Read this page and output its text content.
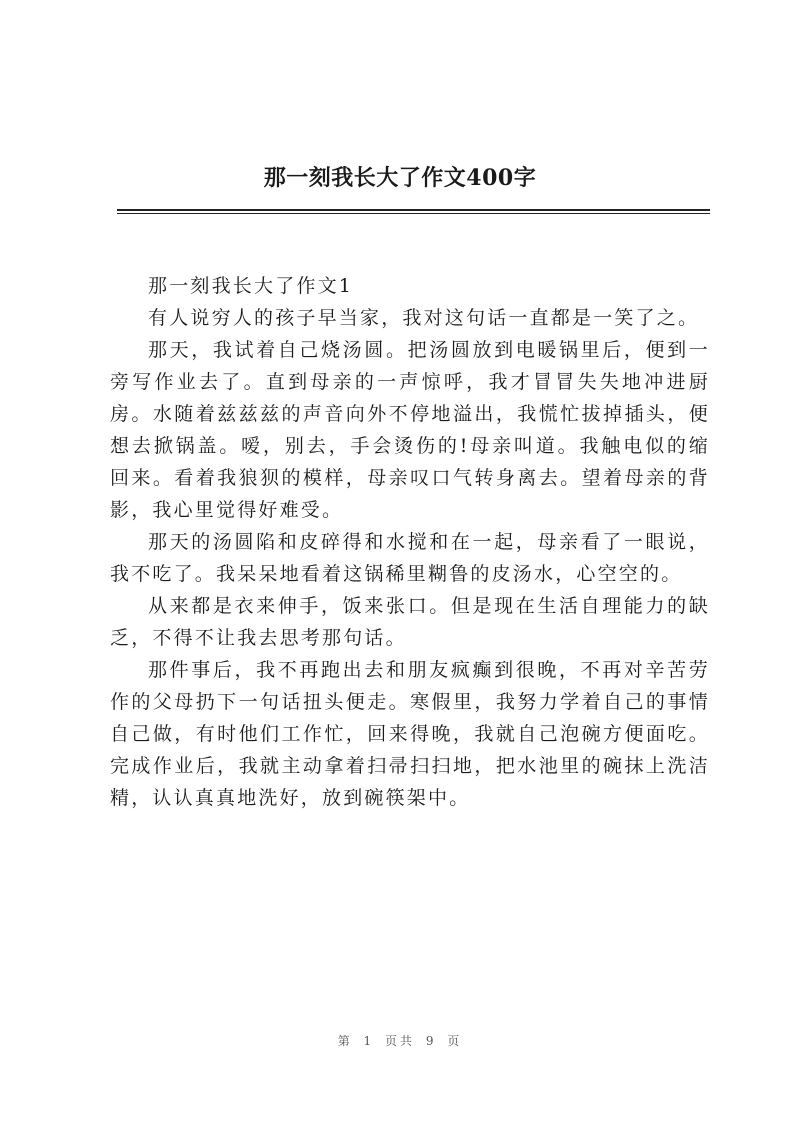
那一刻我长大了作文400字

那一刻我长大了作文1

有人说穷人的孩子早当家，我对这句话一直都是一笑了之。

那天，我试着自己烧汤圆。把汤圆放到电暖锅里后，便到一旁写作业去了。直到母亲的一声惊呼，我才冒冒失失地冲进厨房。水随着兹兹兹的声音向外不停地溢出，我慌忙拔掉插头，便想去掀锅盖。嗳，别去，手会烫伤的!母亲叫道。我触电似的缩回来。看着我狼狈的模样，母亲叹口气转身离去。望着母亲的背影，我心里觉得好难受。

那天的汤圆陷和皮碎得和水搅和在一起，母亲看了一眼说，我不吃了。我呆呆地看着这锅稀里糊鲁的皮汤水，心空空的。

从来都是衣来伸手，饭来张口。但是现在生活自理能力的缺乏，不得不让我去思考那句话。

那件事后，我不再跑出去和朋友疯癫到很晚，不再对辛苦劳作的父母扔下一句话扭头便走。寒假里，我努力学着自己的事情自己做，有时他们工作忙，回来得晚，我就自己泡碗方便面吃。完成作业后，我就主动拿着扫帚扫扫地，把水池里的碗抹上洗洁精，认认真真地洗好，放到碗筷架中。

第 1 页共 9 页
